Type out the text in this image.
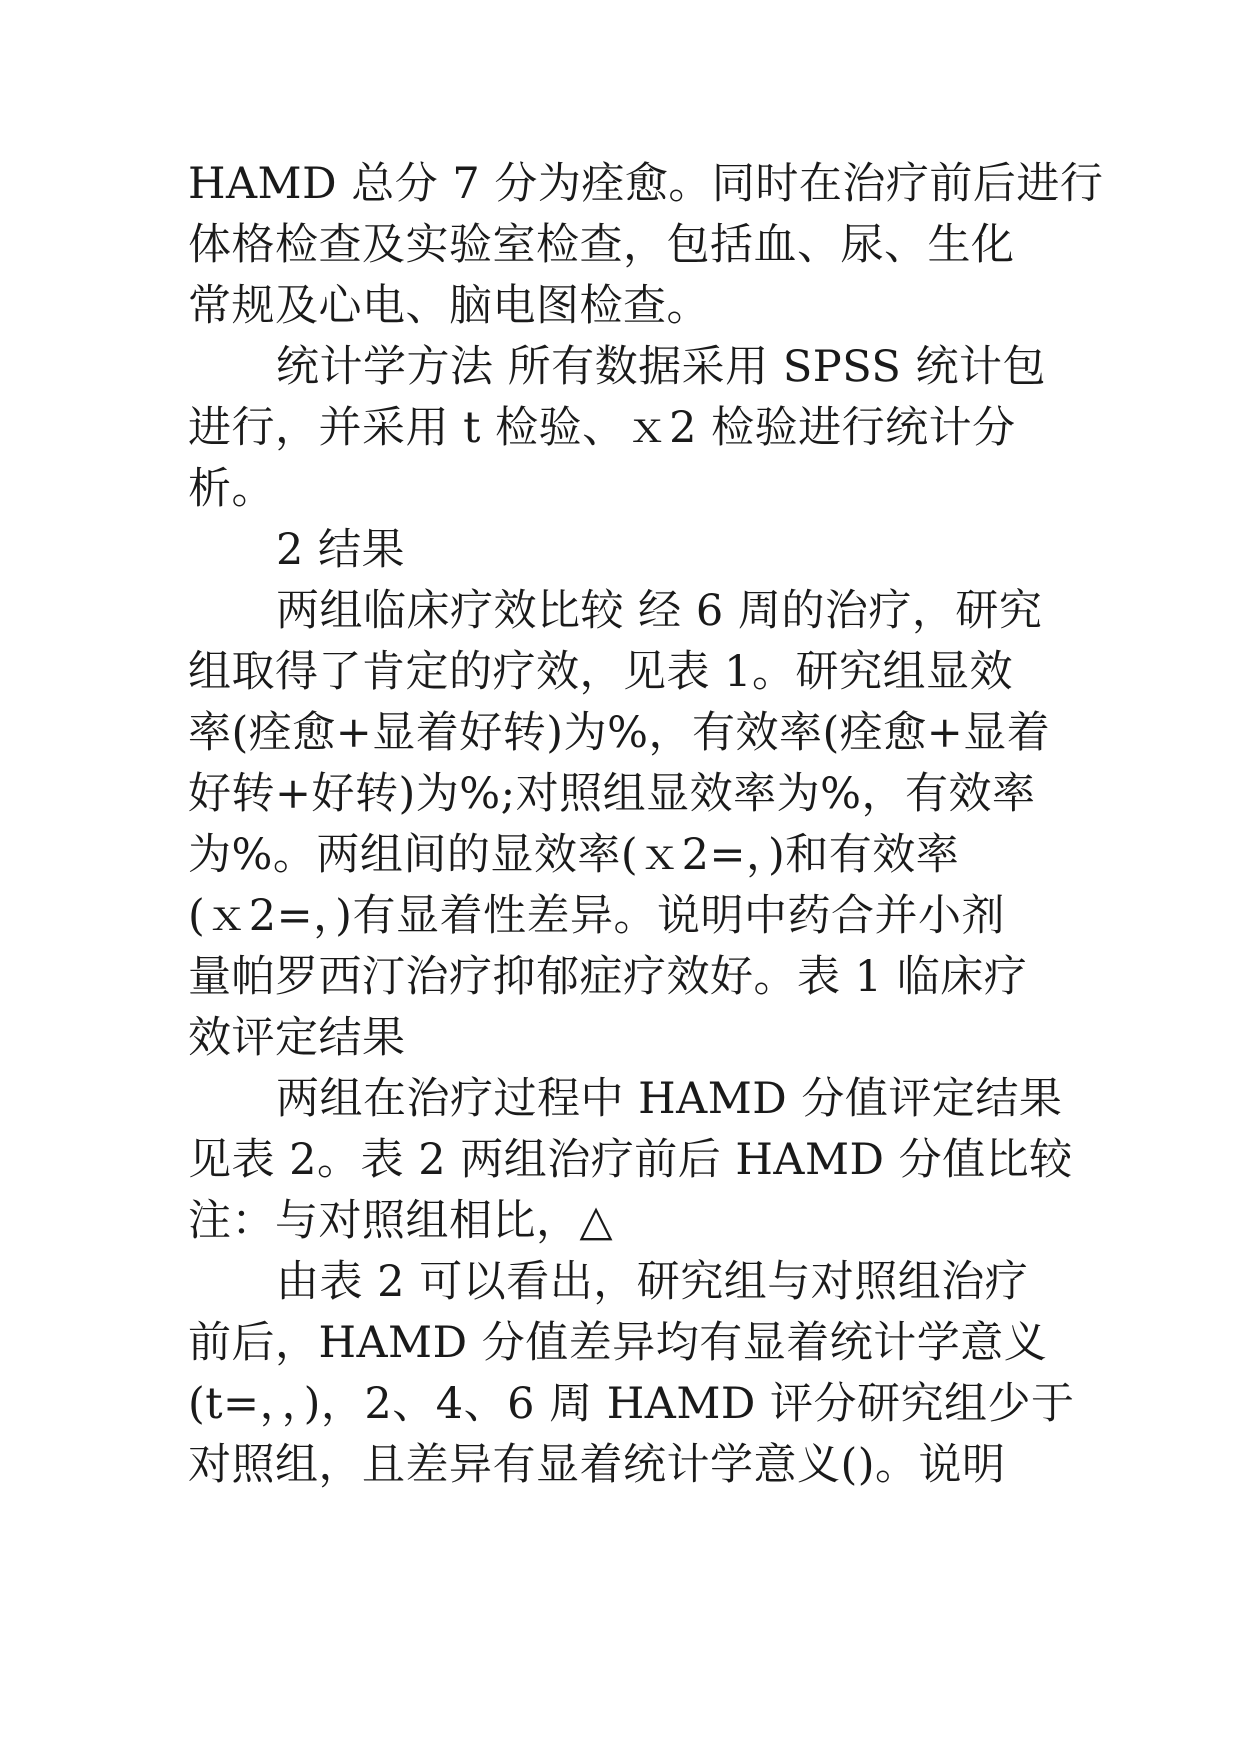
HAMD 总分 7 分为痊愈。同时在治疗前后进行
体格检查及实验室检查，包括血、尿、生化
常规及心电、脑电图检查。
统计学方法 所有数据采用 SPSS 统计包
进行，并采用 t 检验、ｘ2 检验进行统计分
析。
2 结果
两组临床疗效比较 经 6 周的治疗，研究
组取得了肯定的疗效，见表 1。研究组显效
率(痊愈+显着好转)为%，有效率(痊愈+显着
好转+好转)为%;对照组显效率为%，有效率
为%。两组间的显效率(ｘ2=，)和有效率
(ｘ2=，)有显着性差异。说明中药合并小剂
量帕罗西汀治疗抑郁症疗效好。表 1 临床疗
效评定结果
两组在治疗过程中 HAMD 分值评定结果
见表 2。表 2 两组治疗前后 HAMD 分值比较
注：与对照组相比，△
由表 2 可以看出，研究组与对照组治疗
前后，HAMD 分值差异均有显着统计学意义
(t=，，)，2、4、6 周 HAMD 评分研究组少于
对照组，且差异有显着统计学意义()。说明
